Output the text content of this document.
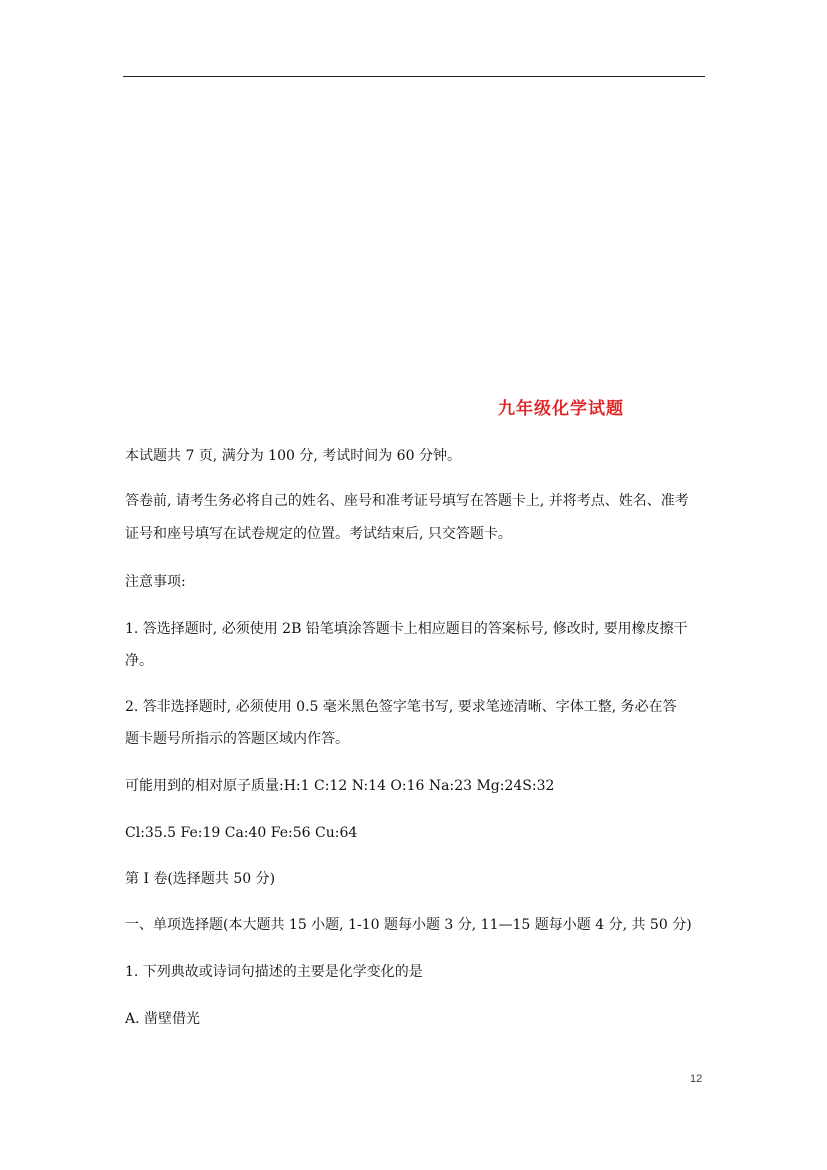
九年级化学试题
本试题共 7 页, 满分为 100 分, 考试时间为 60 分钟。
答卷前, 请考生务必将自己的姓名、座号和准考证号填写在答题卡上, 并将考点、姓名、准考
证号和座号填写在试卷规定的位置。考试结束后, 只交答题卡。
注意事项:
1. 答选择题时, 必须使用 2B 铅笔填涂答题卡上相应题目的答案标号, 修改时, 要用橡皮擦干
净。
2. 答非选择题时, 必须使用 0.5 毫米黑色签字笔书写, 要求笔迹清晰、字体工整, 务必在答
题卡题号所指示的答题区域内作答。
可能用到的相对原子质量:H:1 C:12 N:14 O:16 Na:23 Mg:24S:32
Cl:35.5 Fe:19 Ca:40 Fe:56 Cu:64
第 I 卷(选择题共 50 分)
一、单项选择题(本大题共 15 小题, 1-10 题每小题 3 分, 11—15 题每小题 4 分, 共 50 分)
1. 下列典故或诗词句描述的主要是化学变化的是
A. 凿壁借光
12
